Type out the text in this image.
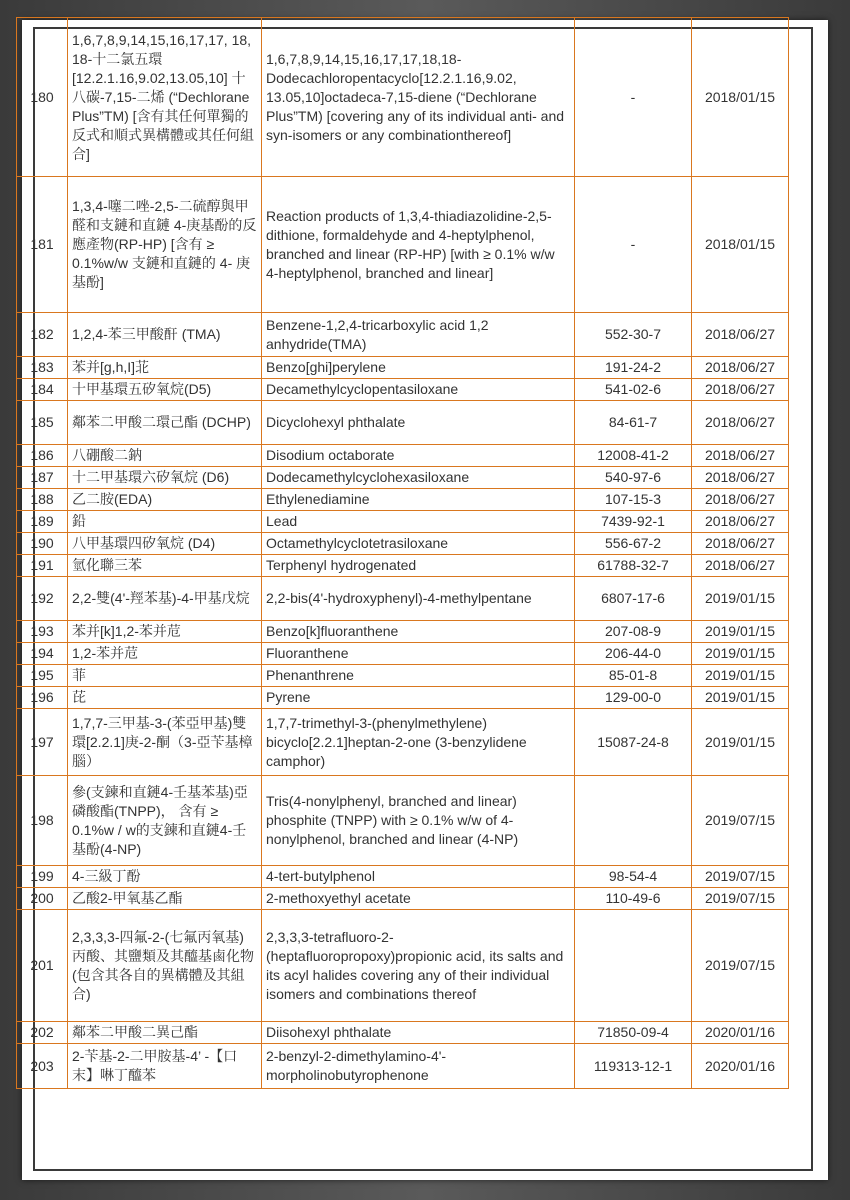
180	1,6,7,8,9,14,15,16,17,17, 18, 18-十二氯五環 [12.2.1.16,9.02,13.05,10] 十 八碳-7,15-二烯 (“Dechlorane Plus”TM) [含有其任何單獨的反式和順式異構體或其任何組合]	1,6,7,8,9,14,15,16,17,17,18,18-Dodecachloropentacyclo[12.2.1.16,9.02, 13.05,10]octadeca-7,15-diene (“Dechlorane Plus”TM) [covering any of its individual anti- and syn-isomers or any combinationthereof]	-	2018/01/15
181	1,3,4-噻二唑-2,5-二硫醇與甲醛和支鏈和直鏈 4-庚基酚的反應產物(RP-HP) [含有 ≥ 0.1%w/w 支鏈和直鏈的 4- 庚基酚]	Reaction products of 1,3,4-thiadiazolidine-2,5-dithione, formaldehyde and 4-heptylphenol, branched and linear (RP-HP) [with ≥ 0.1% w/w 4-heptylphenol, branched and linear]	-	2018/01/15
182	1,2,4-苯三甲酸酐 (TMA)	Benzene-1,2,4-tricarboxylic acid 1,2 anhydride(TMA)	552-30-7	2018/06/27
183	苯并[g,h,I]苝	Benzo[ghi]perylene	191-24-2	2018/06/27
184	十甲基環五矽氧烷(D5)	Decamethylcyclopentasiloxane	541-02-6	2018/06/27
185	鄰苯二甲酸二環己酯 (DCHP)	Dicyclohexyl phthalate	84-61-7	2018/06/27
186	八硼酸二鈉	Disodium octaborate	12008-41-2	2018/06/27
187	十二甲基環六矽氧烷 (D6)	Dodecamethylcyclohexasiloxane	540-97-6	2018/06/27
188	乙二胺(EDA)	Ethylenediamine	107-15-3	2018/06/27
189	鉛	Lead	7439-92-1	2018/06/27
190	八甲基環四矽氧烷 (D4)	Octamethylcyclotetrasiloxane	556-67-2	2018/06/27
191	氫化聯三苯	Terphenyl hydrogenated	61788-32-7	2018/06/27
192	2,2-雙(4'-羥苯基)-4-甲基戊烷	2,2-bis(4'-hydroxyphenyl)-4-methylpentane	6807-17-6	2019/01/15
193	苯并[k]1,2-苯并苊	Benzo[k]fluoranthene	207-08-9	2019/01/15
194	1,2-苯并苊	Fluoranthene	206-44-0	2019/01/15
195	菲	Phenanthrene	85-01-8	2019/01/15
196	芘	Pyrene	129-00-0	2019/01/15
197	1,7,7-三甲基-3-(苯亞甲基)雙環[2.2.1]庚-2-酮（3-亞苄基樟腦）	1,7,7-trimethyl-3-(phenylmethylene) bicyclo[2.2.1]heptan-2-one (3-benzylidene camphor)	15087-24-8	2019/01/15
198	參(支鍊和直鏈4-壬基苯基)亞磷酸酯(TNPP)， 含有 ≥ 0.1%w / w的支鍊和直鏈4-壬基酚(4-NP)	Tris(4-nonylphenyl, branched and linear) phosphite (TNPP) with ≥ 0.1% w/w of 4-nonylphenol, branched and linear (4-NP)		2019/07/15
199	4-三級丁酚	4-tert-butylphenol	98-54-4	2019/07/15
200	乙酸2-甲氧基乙酯	2-methoxyethyl acetate	110-49-6	2019/07/15
201	2,3,3,3-四氟-2-(七氟丙氧基)丙酸、其鹽類及其醯基鹵化物(包含其各自的異構體及其組合)	2,3,3,3-tetrafluoro-2-(heptafluoropropoxy)propionic acid, its salts and its acyl halides covering any of their individual isomers and combinations thereof		2019/07/15
202	鄰苯二甲酸二異己酯	Diisohexyl phthalate	71850-09-4	2020/01/16
203	2-苄基-2-二甲胺基-4’ -【口末】啉丁醯苯	2-benzyl-2-dimethylamino-4'-morpholinobutyrophenone	119313-12-1	2020/01/16
